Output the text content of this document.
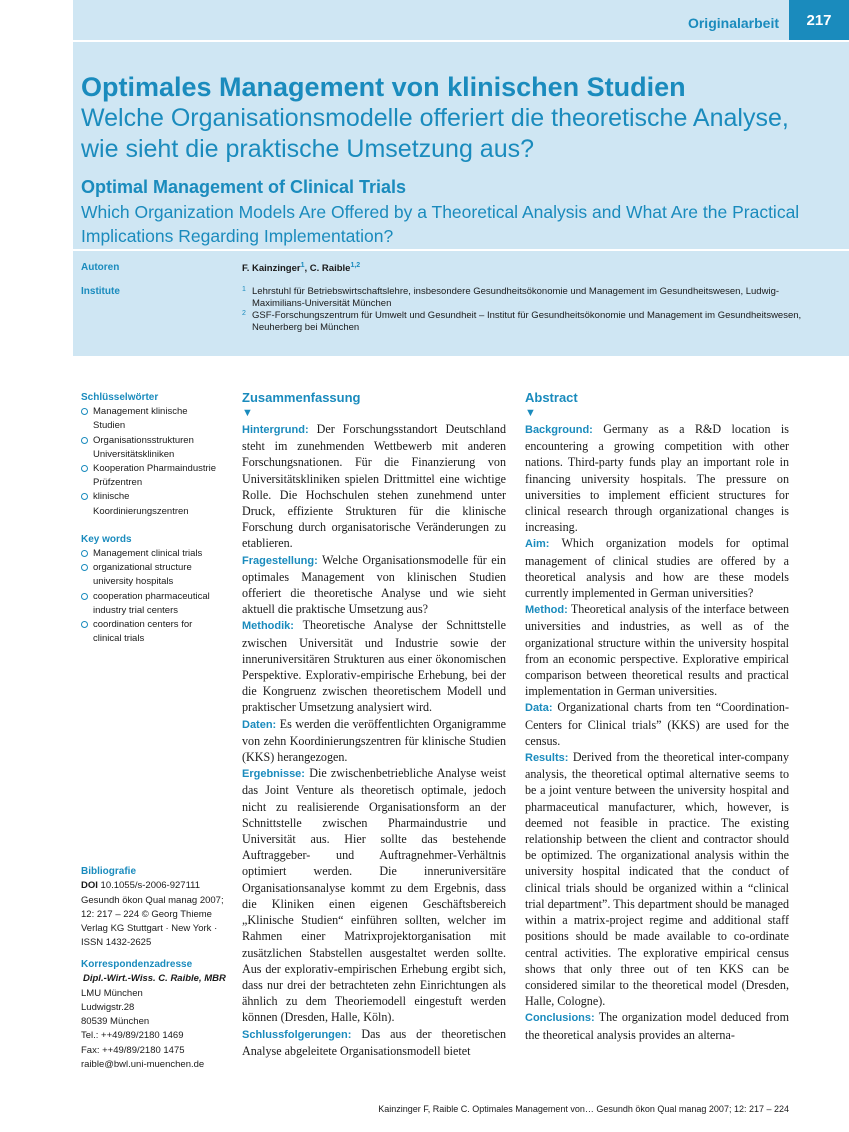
Originalarbeit	217
Optimales Management von klinischen Studien
Welche Organisationsmodelle offeriert die theoretische Analyse, wie sieht die praktische Umsetzung aus?
Optimal Management of Clinical Trials
Which Organization Models Are Offered by a Theoretical Analysis and What Are the Practical Implications Regarding Implementation?
Autoren	F. Kainzinger$^1$, C. Raible$^{1,2}$
Institute	1 Lehrstuhl für Betriebswirtschaftslehre, insbesondere Gesundheitsökonomie und Management im Gesundheitswesen, Ludwig-Maximilians-Universität München
2 GSF-Forschungszentrum für Umwelt und Gesundheit – Institut für Gesundheitsökonomie und Management im Gesundheitswesen, Neuherberg bei München
Schlüsselwörter
Management klinische Studien
Organisationsstrukturen Universitätskliniken
Kooperation Pharmaindustrie Prüfzentren
klinische Koordinierungszentren
Key words
Management clinical trials
organizational structure university hospitals
cooperation pharmaceutical industry trial centers
coordination centers for clinical trials
Bibliografie
DOI 10.1055/s-2006-927111 Gesundh ökon Qual manag 2007; 12: 217 – 224 © Georg Thieme Verlag KG Stuttgart · New York · ISSN 1432-2625
Korrespondenzadresse
Dipl.-Wirt.-Wiss. C. Raible, MBR
LMU München
Ludwigstr.28
80539 München
Tel.: ++49/89/2180 1469
Fax: ++49/89/2180 1475
raible@bwl.uni-muenchen.de
Zusammenfassung
▼

Hintergrund: Der Forschungsstandort Deutschland steht im zunehmenden Wettbewerb mit anderen Forschungsnationen. Für die Finanzierung von Universitätskliniken spielen Drittmittel eine wichtige Rolle. Die Hochschulen stehen zunehmend unter Druck, effiziente Strukturen für die klinische Forschung durch organisatorische Veränderungen zu etablieren.

Fragestellung: Welche Organisationsmodelle für ein optimales Management von klinischen Studien offeriert die theoretische Analyse und wie sieht aktuell die praktische Umsetzung aus?

Methodik: Theoretische Analyse der Schnittstelle zwischen Universität und Industrie sowie der inneruniversitären Strukturen aus einer ökonomischen Perspektive. Explorativ-empirische Erhebung, bei der die Kongruenz zwischen theoretischem Modell und praktischer Umsetzung analysiert wird.

Daten: Es werden die veröffentlichten Organigramme von zehn Koordinierungszentren für klinische Studien (KKS) herangezogen.

Ergebnisse: Die zwischenbetriebliche Analyse weist das Joint Venture als theoretisch optimale, jedoch nicht zu realisierende Organisationsform an der Schnittstelle zwischen Pharmaindustrie und Universität aus. Hier sollte das bestehende Auftraggeber- und Auftragnehmer-Verhältnis optimiert werden. Die inneruniversitäre Organisationsanalyse kommt zu dem Ergebnis, dass die Kliniken einen eigenen Geschäftsbereich „Klinische Studien“ einführen sollten, welcher im Rahmen einer Matrixprojektorganisation mit zusätzlichen Stabstellen ausgestaltet werden sollte. Aus der explorativ-empirischen Erhebung ergibt sich, dass nur drei der betrachteten zehn Einrichtungen als ähnlich zu dem Theoriemodell eingestuft werden können (Dresden, Halle, Köln).

Schlussfolgerungen: Das aus der theoretischen Analyse abgeleitete Organisationsmodell bietet

Abstract
▼

Background: Germany as a R&D location is encountering a growing competition with other nations. Third-party funds play an important role in financing university hospitals. The pressure on universities to implement efficient structures for clinical research through organizational changes is increasing.

Aim: Which organization models for optimal management of clinical studies are offered by a theoretical analysis and how are these models currently implemented in German universities?

Method: Theoretical analysis of the interface between universities and industries, as well as of the organizational structure within the university hospital from an economic perspective. Explorative empirical comparison between theoretical results and practical implementation in German universities.

Data: Organizational charts from ten “Coordination-Centers for Clinical trials” (KKS) are used for the census.

Results: Derived from the theoretical inter-company analysis, the theoretical optimal alternative seems to be a joint venture between the university hospital and pharmaceutical manufacturer, which, however, is deemed not feasible in practice. The existing relationship between the client and contractor should be optimized. The organizational analysis within the university hospital indicated that the conduct of clinical trials should be organized within a “clinical trial department”. This department should be managed within a matrix-project regime and additional staff positions should be made available to co-ordinate central activities. The explorative empirical census shows that only three out of ten KKS can be considered similar to the theoretical model (Dresden, Halle, Cologne).

Conclusions: The organization model deduced from the theoretical analysis provides an alterna-

Kainzinger F, Raible C. Optimales Management von… Gesundh ökon Qual manag 2007; 12: 217 – 224
